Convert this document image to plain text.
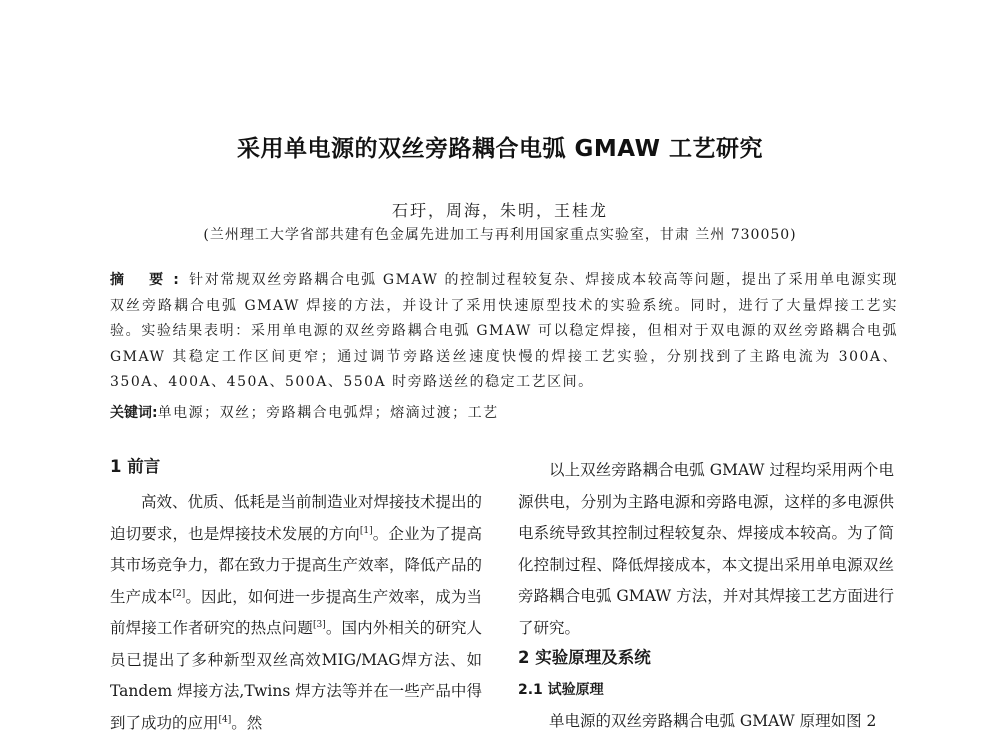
采用单电源的双丝旁路耦合电弧 GMAW 工艺研究
石玗，周海，朱明，王桂龙
(兰州理工大学省部共建有色金属先进加工与再利用国家重点实验室，甘肃 兰州 730050)
摘 要:针对常规双丝旁路耦合电弧 GMAW 的控制过程较复杂、焊接成本较高等问题，提出了采用单电源实现双丝旁路耦合电弧 GMAW 焊接的方法，并设计了采用快速原型技术的实验系统。同时，进行了大量焊接工艺实验。实验结果表明：采用单电源的双丝旁路耦合电弧 GMAW 可以稳定焊接，但相对于双电源的双丝旁路耦合电弧 GMAW 其稳定工作区间更窄；通过调节旁路送丝速度快慢的焊接工艺实验，分别找到了主路电流为 300A、350A、400A、450A、500A、550A 时旁路送丝的稳定工艺区间。
关键词:单电源；双丝；旁路耦合电弧焊；熔滴过渡；工艺
1 前言

高效、优质、低耗是当前制造业对焊接技术提出的迫切要求，也是焊接技术发展的方向[1]。企业为了提高其市场竞争力，都在致力于提高生产效率，降低产品的生产成本[2]。因此，如何进一步提高生产效率，成为当前焊接工作者研究的热点问题[3]。国内外相关的研究人员已提出了多种新型双丝高效MIG/MAG焊方法、如Tandem 焊接方法,Twins 焊方法等并在一些产品中得到了成功的应用[4]。然

以上双丝旁路耦合电弧 GMAW 过程均采用两个电源供电，分别为主路电源和旁路电源，这样的多电源供电系统导致其控制过程较复杂、焊接成本较高。为了简化控制过程、降低焊接成本，本文提出采用单电源双丝旁路耦合电弧 GMAW 方法，并对其焊接工艺方面进行了研究。

2 实验原理及系统
2.1 试验原理

单电源的双丝旁路耦合电弧 GMAW 原理如图 2
